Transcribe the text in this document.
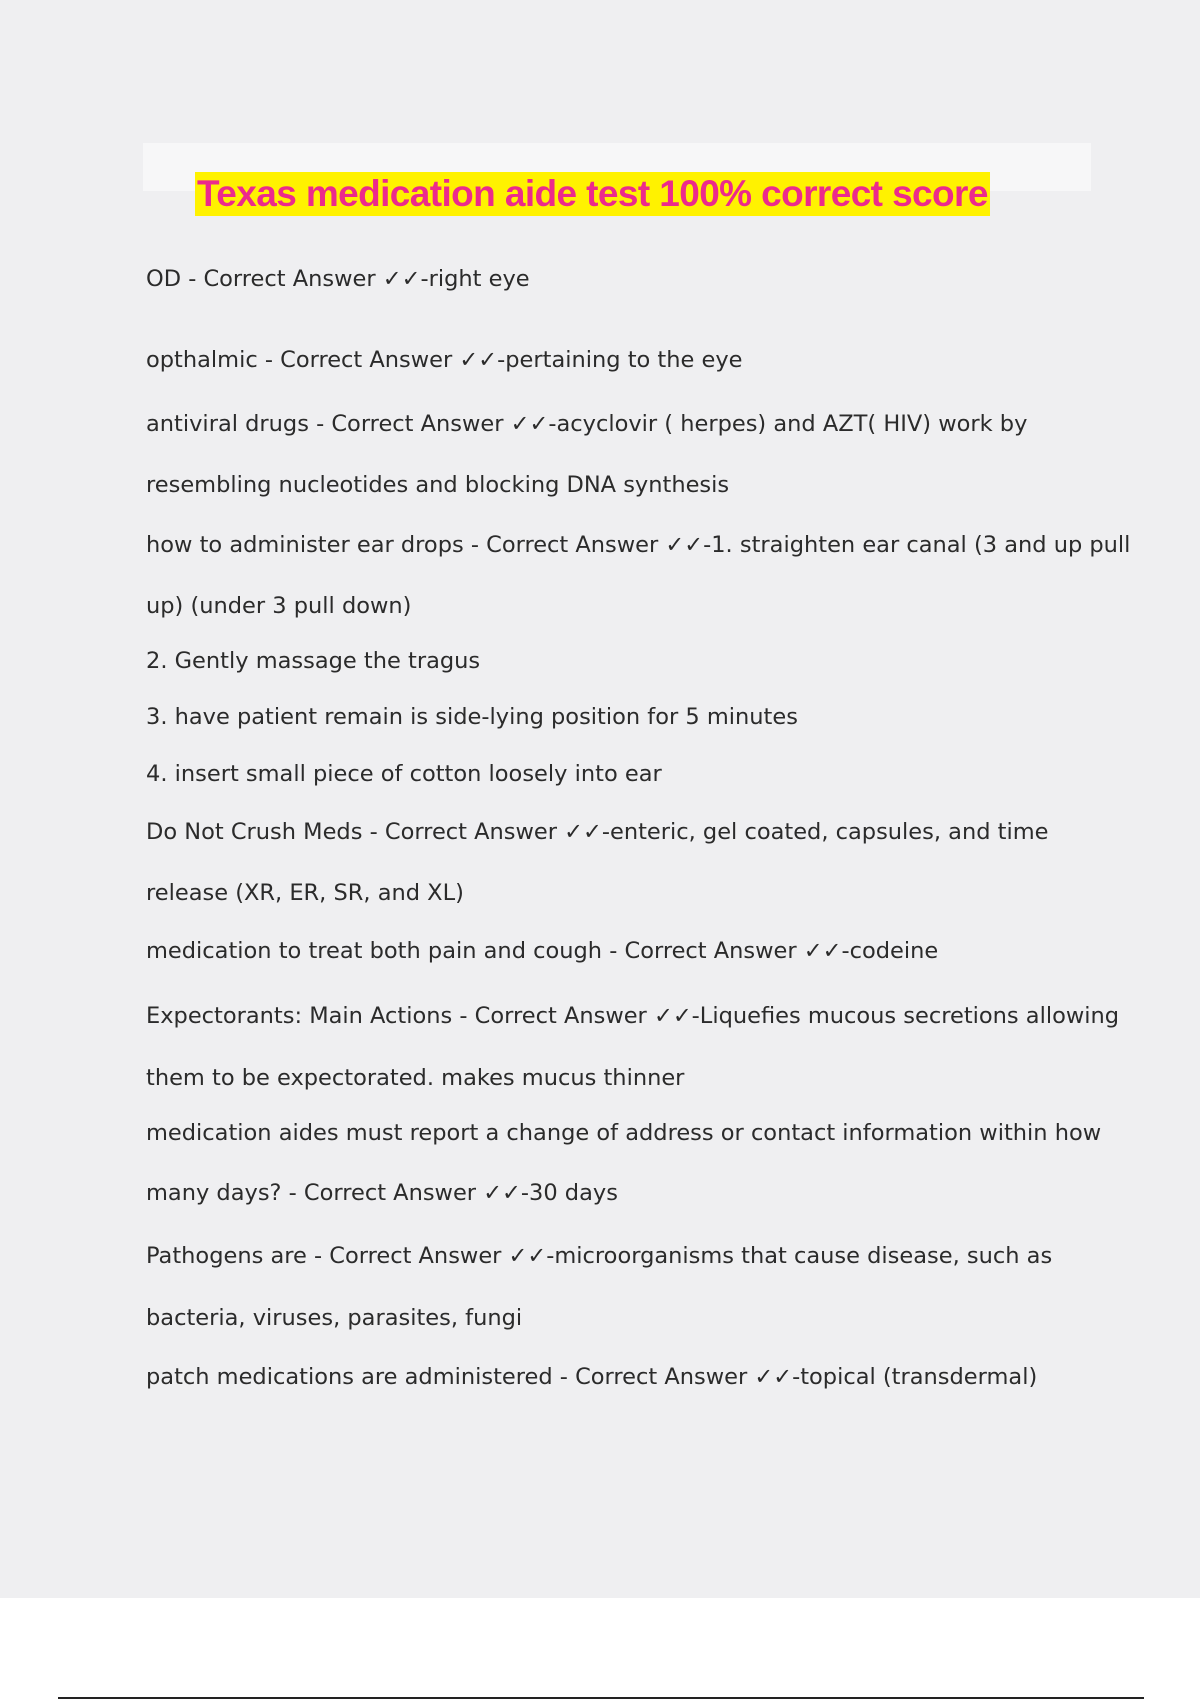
Texas medication aide test 100% correct score

OD - Correct Answer ✓✓-right eye

opthalmic - Correct Answer ✓✓-pertaining to the eye

antiviral drugs - Correct Answer ✓✓-acyclovir ( herpes) and AZT( HIV) work by

resembling nucleotides and blocking DNA synthesis

how to administer ear drops - Correct Answer ✓✓-1. straighten ear canal (3 and up pull

up) (under 3 pull down)

2. Gently massage the tragus

3. have patient remain is side-lying position for 5 minutes

4. insert small piece of cotton loosely into ear

Do Not Crush Meds - Correct Answer ✓✓-enteric, gel coated, capsules, and time

release (XR, ER, SR, and XL)

medication to treat both pain and cough - Correct Answer ✓✓-codeine

Expectorants: Main Actions - Correct Answer ✓✓-Liquefies mucous secretions allowing

them to be expectorated. makes mucus thinner

medication aides must report a change of address or contact information within how

many days? - Correct Answer ✓✓-30 days

Pathogens are - Correct Answer ✓✓-microorganisms that cause disease, such as

bacteria, viruses, parasites, fungi

patch medications are administered - Correct Answer ✓✓-topical (transdermal)
